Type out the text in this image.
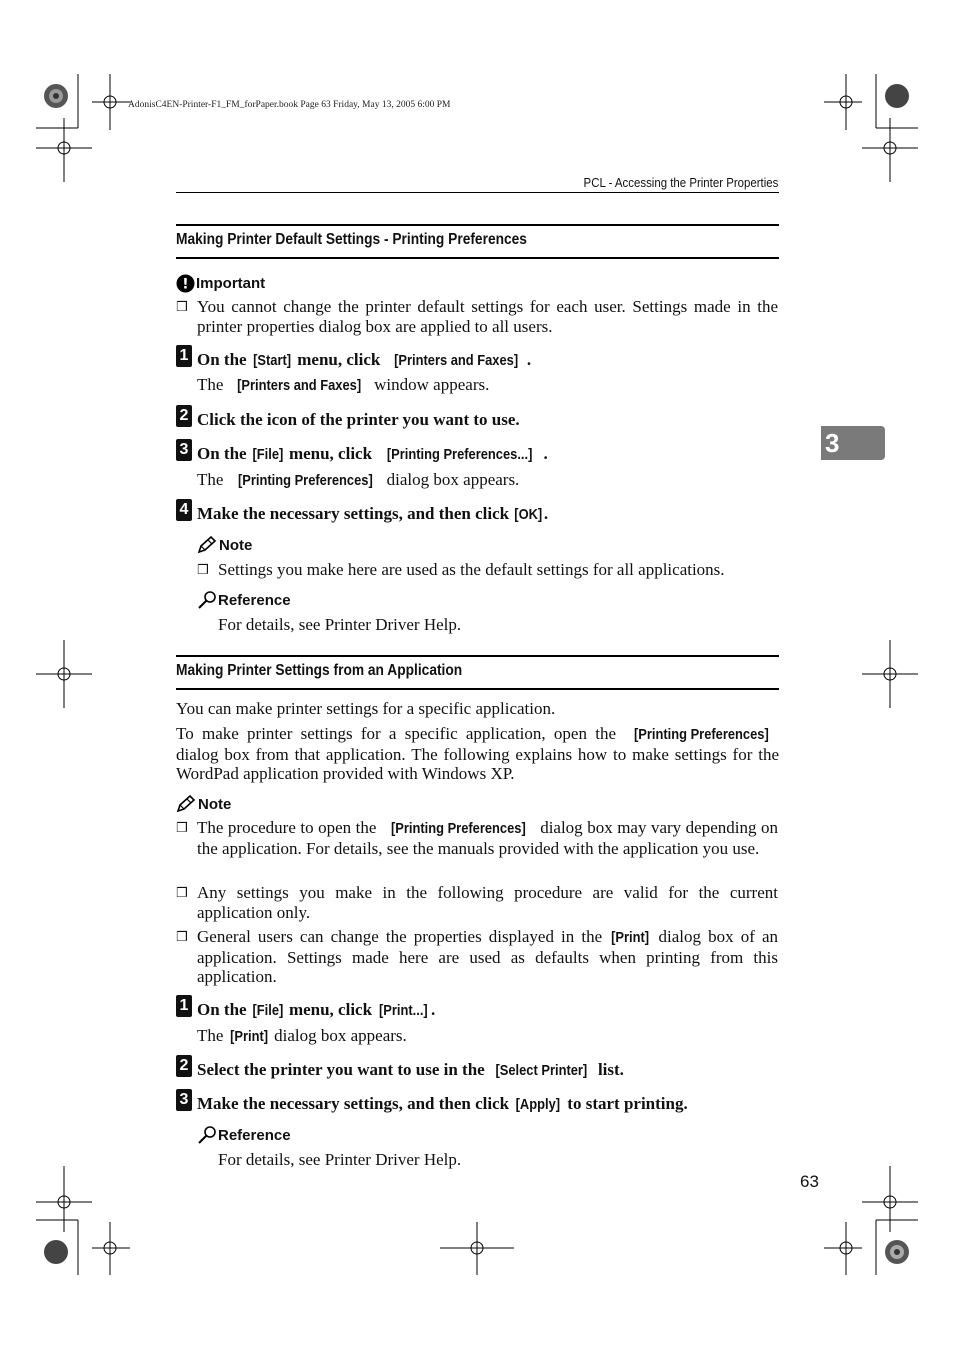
AdonisC4EN-Printer-F1_FM_forPaper.book Page 63 Friday, May 13, 2005 6:00 PM
PCL - Accessing the Printer Properties
3
Making Printer Default Settings - Printing Preferences
! Important
❒ You cannot change the printer default settings for each user. Settings made in the printer properties dialog box are applied to all users.
1 On the [Start] menu, click [Printers and Faxes] .
The [Printers and Faxes] window appears.
2 Click the icon of the printer you want to use.
3 On the [File] menu, click [Printing Preferences...] .
The [Printing Preferences] dialog box appears.
4 Make the necessary settings, and then click [OK].
Note
❒ Settings you make here are used as the default settings for all applications.
Reference
For details, see Printer Driver Help.
Making Printer Settings from an Application
You can make printer settings for a specific application.
To make printer settings for a specific application, open the [Printing Preferences] dialog box from that application. The following explains how to make settings for the WordPad application provided with Windows XP.
Note
❒ The procedure to open the [Printing Preferences] dialog box may vary depending on the application. For details, see the manuals provided with the application you use.
❒ Any settings you make in the following procedure are valid for the current application only.
❒ General users can change the properties displayed in the [Print] dialog box of an application. Settings made here are used as defaults when printing from this application.
1 On the [File] menu, click [Print...] .
The [Print] dialog box appears.
2 Select the printer you want to use in the [Select Printer] list.
3 Make the necessary settings, and then click [Apply] to start printing.
Reference
For details, see Printer Driver Help.
63
